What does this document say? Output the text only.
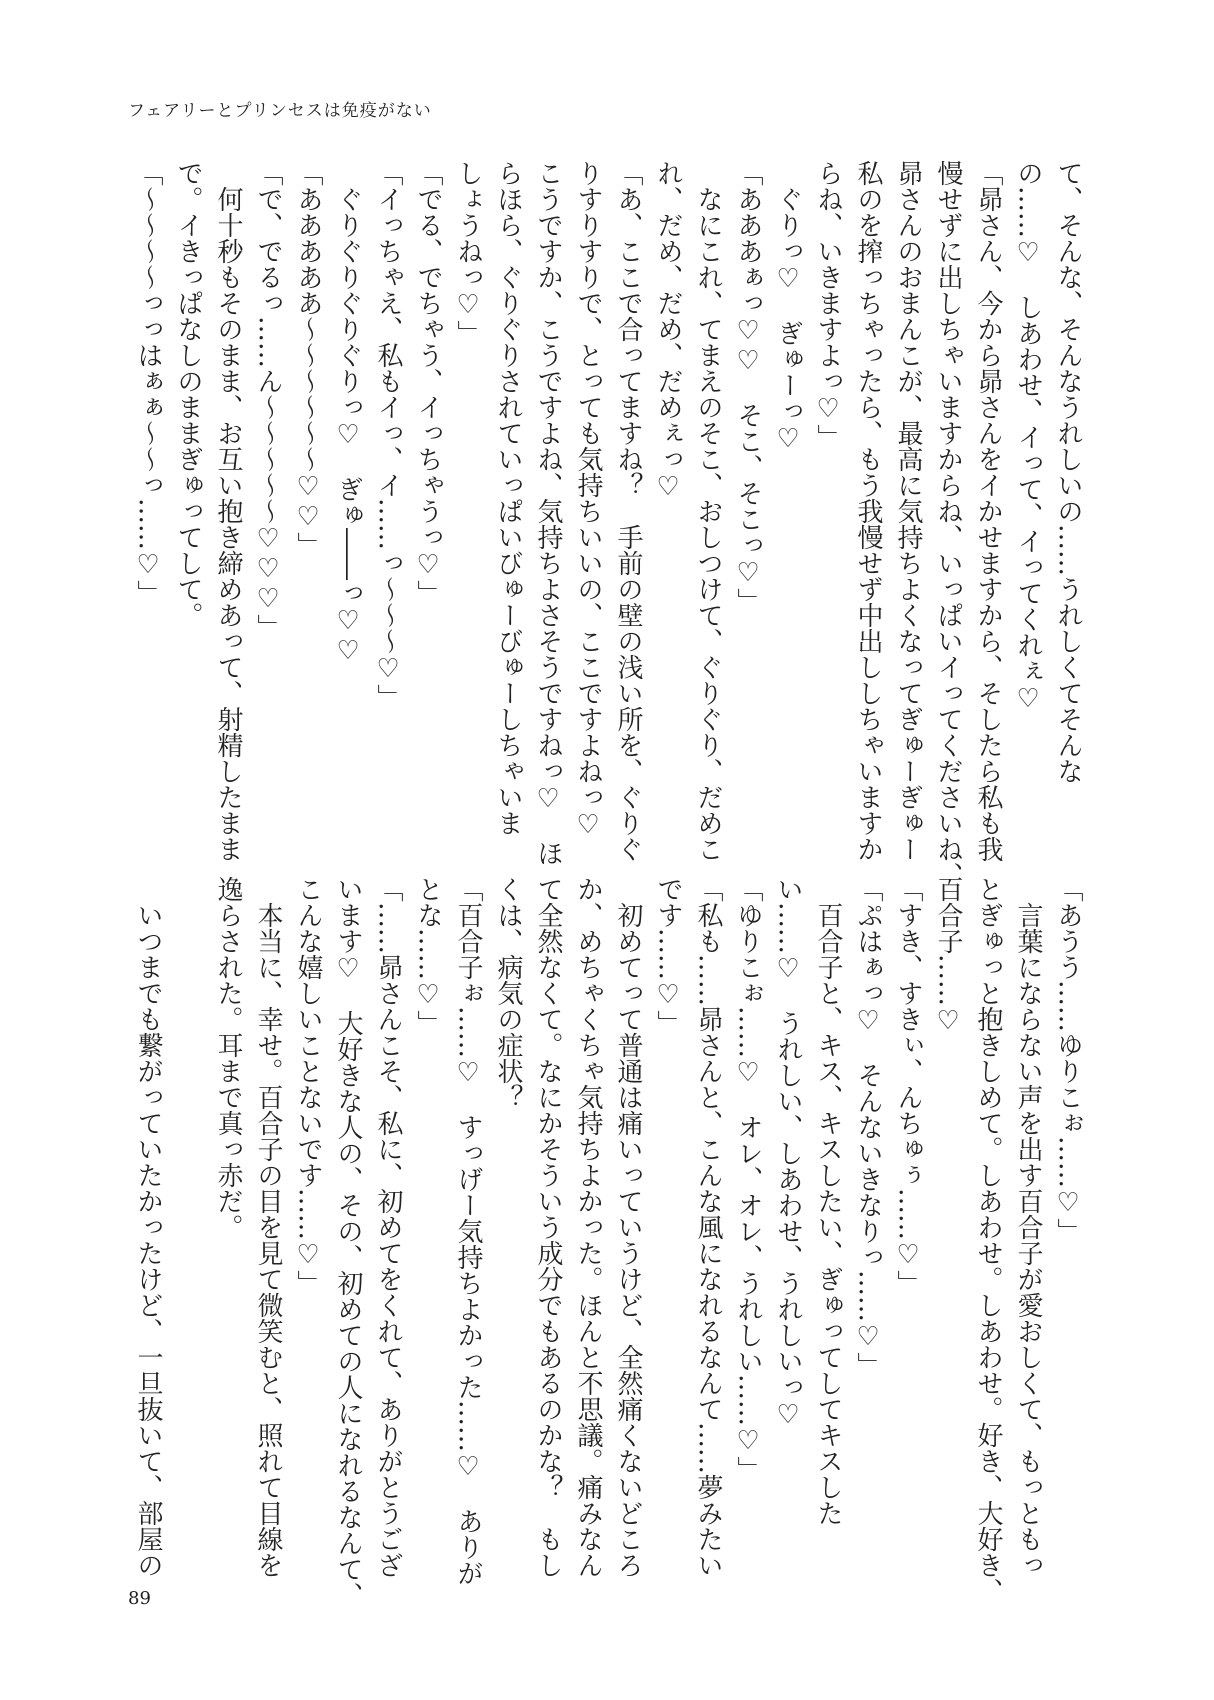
フェアリーとプリンセスは免疫がない

て、そんな、そんなうれしいの……うれしくてそんな

の……♡　しあわせ、イって、イってくれぇ♡

「昴さん、今から昴さんをイかせますから、そしたら私も我

慢せずに出しちゃいますからね、いっぱいイってくださいね、

昴さんのおまんこが、最高に気持ちよくなってぎゅーぎゅー

私のを搾っちゃったら、もう我慢せず中出ししちゃいますか

らね、いきますよっ♡」

　ぐりっ♡　ぎゅーっ♡

「あああぁっ♡♡　そこ、そこっ♡」

　なにこれ、てまえのそこ、おしつけて、ぐりぐり、だめこ

れ、だめ、だめ、だめぇっ♡

「あ、ここで合ってますね？　手前の壁の浅い所を、ぐりぐ

りすりすりで、とっても気持ちいいの、ここですよねっ♡

こうですか、こうですよね、気持ちよさそうですねっ♡　ほ

らほら、ぐりぐりされていっぱいびゅーびゅーしちゃいま

しょうねっ♡」

「でる、でちゃう、イっちゃうっ♡」

「イっちゃえ、私もイっ、イ……っ～～～♡」

　ぐりぐりぐりぐりっ♡　ぎゅ――っ♡♡

「あああああ～～～～～～♡♡」

「で、でるっ……ん～～～～～♡♡♡」

　何十秒もそのまま、お互い抱き締めあって、射精したまま

で。イきっぱなしのままぎゅってして。

「～～～～っっはぁぁ～～っ……♡」

「あうう……ゆりこぉ……♡」

　言葉にならない声を出す百合子が愛おしくて、もっともっ

とぎゅっと抱きしめて。しあわせ。しあわせ。好き、大好き、

百合子……♡

「すき、すきぃ、んちゅぅ……♡」

「ぷはぁっ♡　そんないきなりっ……♡」

　百合子と、キス、キスしたい、ぎゅってしてキスした

い……♡　うれしい、しあわせ、うれしいっ♡

「ゆりこぉ……♡　オレ、オレ、うれしい……♡」

「私も……昴さんと、こんな風になれるなんて……夢みたい

です……♡」

　初めてって普通は痛いっていうけど、全然痛くないどころ

か、めちゃくちゃ気持ちよかった。ほんと不思議。痛みなん

て全然なくて。なにかそういう成分でもあるのかな？　もし

くは、病気の症状？

「百合子ぉ……♡　すっげー気持ちよかった……♡　ありが

とな……♡」

「……昴さんこそ、私に、初めてをくれて、ありがとうござ

います♡　大好きな人の、その、初めての人になれるなんて、

こんな嬉しいことないです……♡」

　本当に、幸せ。百合子の目を見て微笑むと、照れて目線を

逸らされた。耳まで真っ赤だ。

　いつまでも繋がっていたかったけど、一旦抜いて、部屋の

89
